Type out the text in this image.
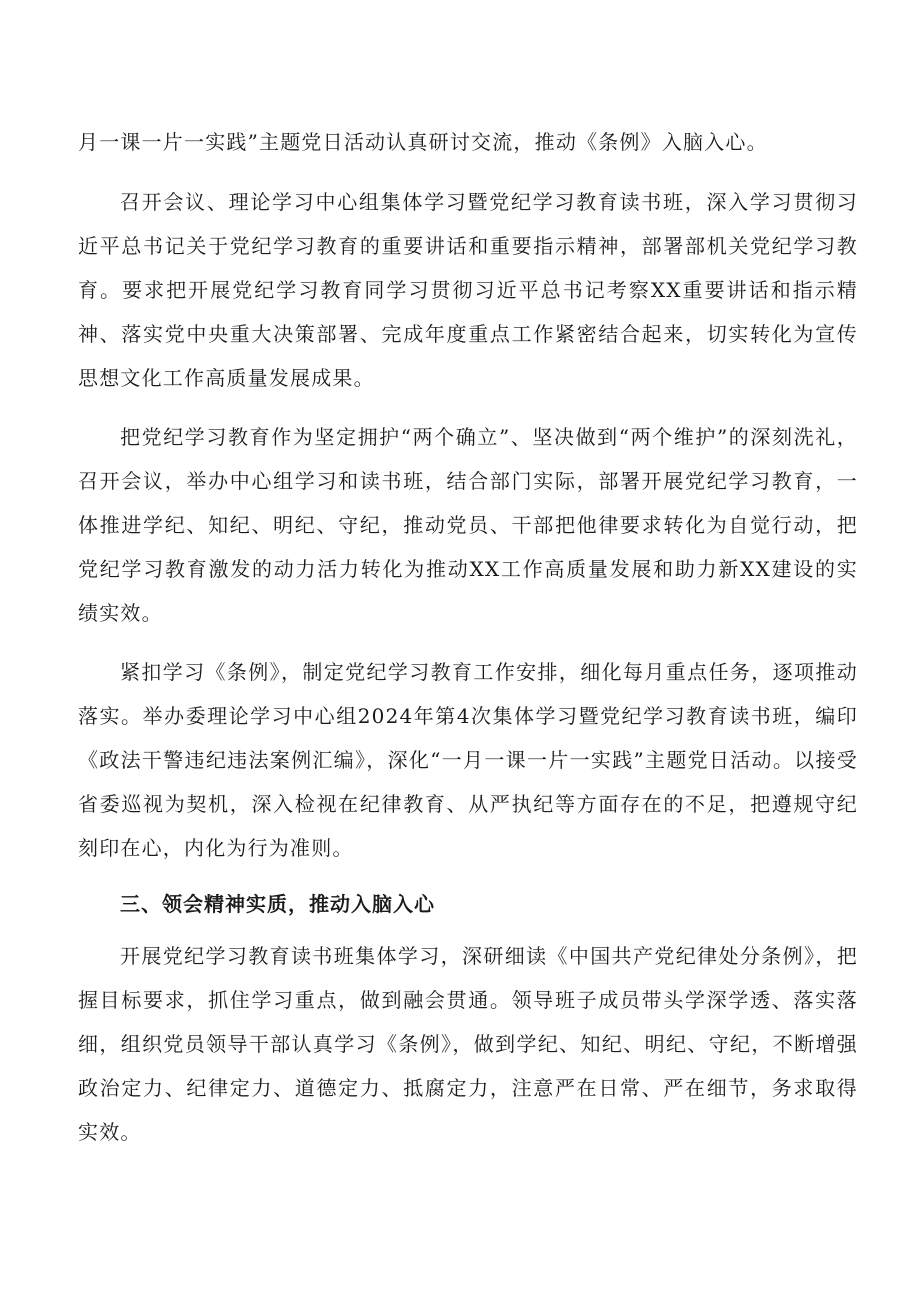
月一课一片一实践”主题党日活动认真研讨交流，推动《条例》入脑入心。

召开会议、理论学习中心组集体学习暨党纪学习教育读书班，深入学习贯彻习近平总书记关于党纪学习教育的重要讲话和重要指示精神，部署部机关党纪学习教育。要求把开展党纪学习教育同学习贯彻习近平总书记考察XX重要讲话和指示精神、落实党中央重大决策部署、完成年度重点工作紧密结合起来，切实转化为宣传思想文化工作高质量发展成果。

把党纪学习教育作为坚定拥护“两个确立”、坚决做到“两个维护”的深刻洗礼，召开会议，举办中心组学习和读书班，结合部门实际，部署开展党纪学习教育，一体推进学纪、知纪、明纪、守纪，推动党员、干部把他律要求转化为自觉行动，把党纪学习教育激发的动力活力转化为推动XX工作高质量发展和助力新XX建设的实绩实效。

紧扣学习《条例》，制定党纪学习教育工作安排，细化每月重点任务，逐项推动落实。举办委理论学习中心组2024年第4次集体学习暨党纪学习教育读书班，编印《政法干警违纪违法案例汇编》，深化“一月一课一片一实践”主题党日活动。以接受省委巡视为契机，深入检视在纪律教育、从严执纪等方面存在的不足，把遵规守纪刻印在心，内化为行为准则。

三、领会精神实质，推动入脑入心

开展党纪学习教育读书班集体学习，深研细读《中国共产党纪律处分条例》，把握目标要求，抓住学习重点，做到融会贯通。领导班子成员带头学深学透、落实落细，组织党员领导干部认真学习《条例》，做到学纪、知纪、明纪、守纪，不断增强政治定力、纪律定力、道德定力、抵腐定力，注意严在日常、严在细节，务求取得实效。
